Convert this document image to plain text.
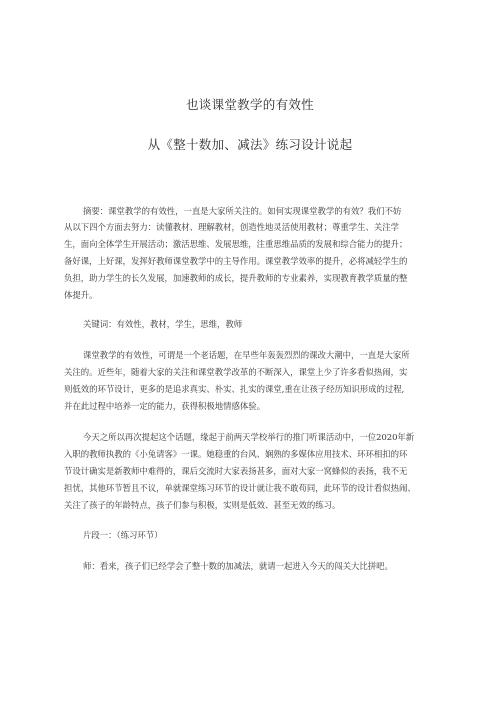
也谈课堂教学的有效性
从《整十数加、减法》练习设计说起
摘要：课堂教学的有效性，一直是大家所关注的。如何实现课堂教学的有效？我们不妨
从以下四个方面去努力：读懂教材、理解教材，创造性地灵活使用教材；尊重学生、关注学
生，面向全体学生开展活动；激活思维、发展思维，注重思维品质的发展和综合能力的提升；
备好课，上好课，发挥好教师课堂教学中的主导作用。课堂教学效率的提升，必将减轻学生的
负担，助力学生的长久发展，加速教师的成长，提升教师的专业素养，实现教育教学质量的整
体提升。
关键词：有效性，教材，学生，思维，教师
课堂教学的有效性，可谓是一个老话题，在早些年轰轰烈烈的课改大潮中，一直是大家所
关注的。近些年，随着大家的关注和课堂教学改革的不断深入，课堂上少了许多看似热闹，实
则低效的环节设计，更多的是追求真实、朴实、扎实的课堂,重在让孩子经历知识形成的过程,
并在此过程中培养一定的能力，获得积极地情感体验。
今天之所以再次提起这个话题，缘起于前两天学校举行的推门听课活动中，一位2020年新
入职的教师执教的《小兔请客》一课。她稳重的台风、娴熟的多媒体应用技术、环环相扣的环
节设计确实是新教师中难得的，课后交流时大家表扬甚多，面对大家一窝蜂似的表扬，我不无
担忧，其他环节暂且不议，单就课堂练习环节的设计就让我不敢苟同，此环节的设计看似热闹、
关注了孩子的年龄特点，孩子们参与积极，实则是低效、甚至无效的练习。
片段一：（练习环节）
师：看来，孩子们已经学会了整十数的加减法，就请一起进入今天的闯关大比拼吧。
